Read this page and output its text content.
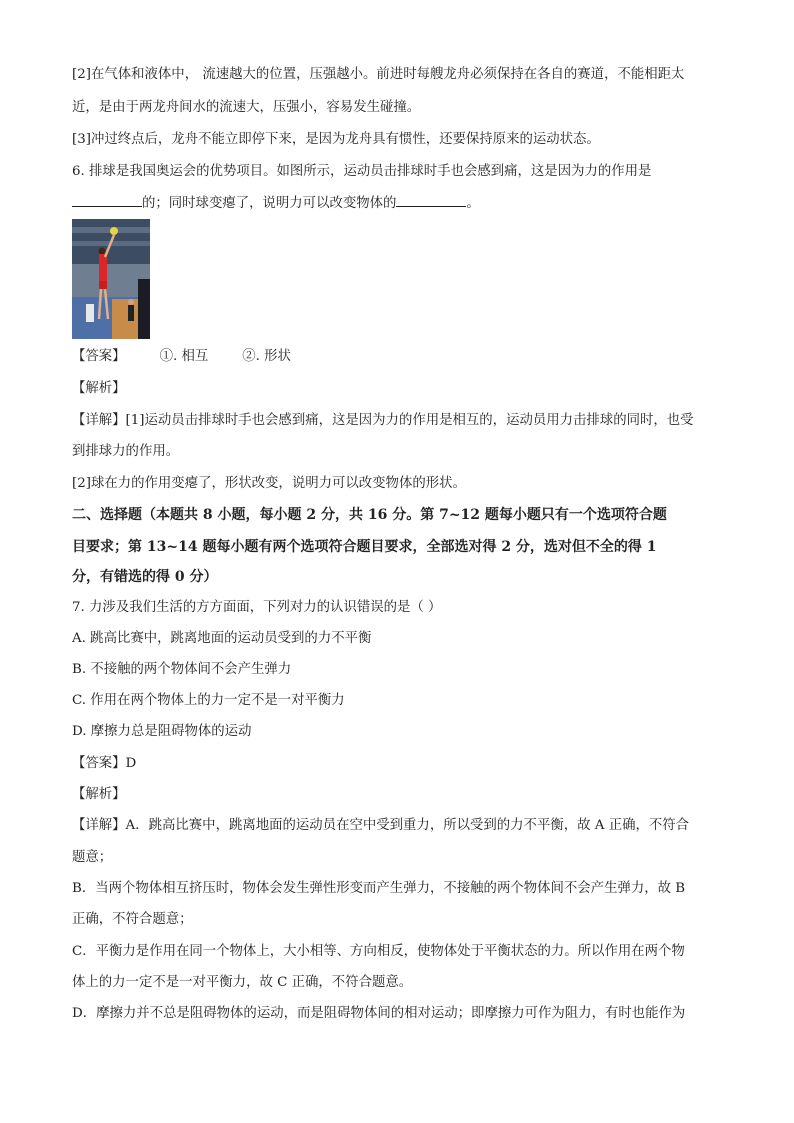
[2]在气体和液体中， 流速越大的位置，压强越小。前进时每艘龙舟必须保持在各自的赛道，不能相距太
近，是由于两龙舟间水的流速大，压强小，容易发生碰撞。
[3]冲过终点后，龙舟不能立即停下来，是因为龙舟具有惯性，还要保持原来的运动状态。
6. 排球是我国奥运会的优势项目。如图所示，运动员击排球时手也会感到痛，这是因为力的作用是
的；同时球变瘪了，说明力可以改变物体的	。
【答案】	①. 相互	②. 形状
【解析】
【详解】[1]运动员击排球时手也会感到痛，这是因为力的作用是相互的，运动员用力击排球的同时，也受
到排球力的作用。
[2]球在力的作用变瘪了，形状改变，说明力可以改变物体的形状。
二、选择题（本题共 8 小题，每小题 2 分，共 16 分。第 7~12 题每小题只有一个选项符合题
目要求；第 13~14 题每小题有两个选项符合题目要求，全部选对得 2 分，选对但不全的得 1
分，有错选的得 0 分）
7. 力涉及我们生活的方方面面，下列对力的认识错误的是（ ）
A. 跳高比赛中，跳离地面的运动员受到的力不平衡
B. 不接触的两个物体间不会产生弹力
C. 作用在两个物体上的力一定不是一对平衡力
D. 摩擦力总是阻碍物体的运动
【答案】D
【解析】
【详解】A．跳高比赛中，跳离地面的运动员在空中受到重力，所以受到的力不平衡，故 A 正确，不符合
题意；
B．当两个物体相互挤压时，物体会发生弹性形变而产生弹力，不接触的两个物体间不会产生弹力，故 B
正确，不符合题意；
C．平衡力是作用在同一个物体上，大小相等、方向相反，使物体处于平衡状态的力。所以作用在两个物
体上的力一定不是一对平衡力，故 C 正确，不符合题意。
D．摩擦力并不总是阻碍物体的运动，而是阻碍物体间的相对运动；即摩擦力可作为阻力，有时也能作为
